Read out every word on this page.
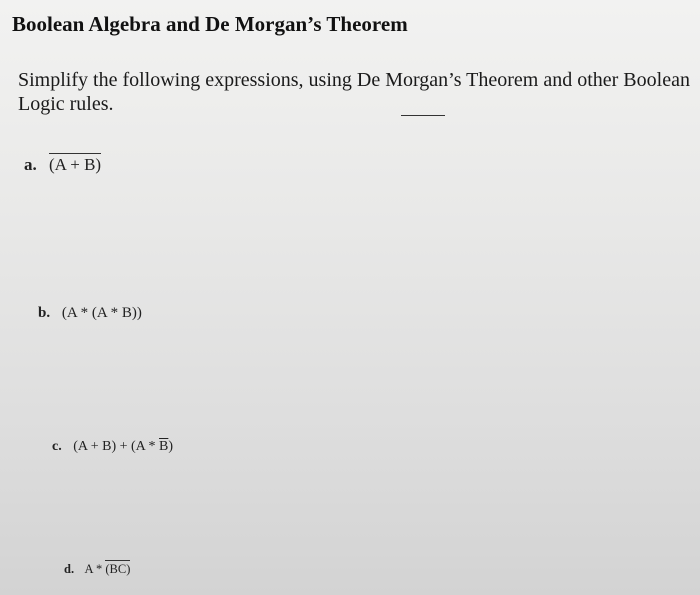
Boolean Algebra and De Morgan’s Theorem
Simplify the following expressions, using De Morgan’s Theorem and other Boolean
Logic rules.
a. (A + B)
b. (A * (A * B))
c. $(A + B) + (A * \overline{B})$
d. A * (BC)
